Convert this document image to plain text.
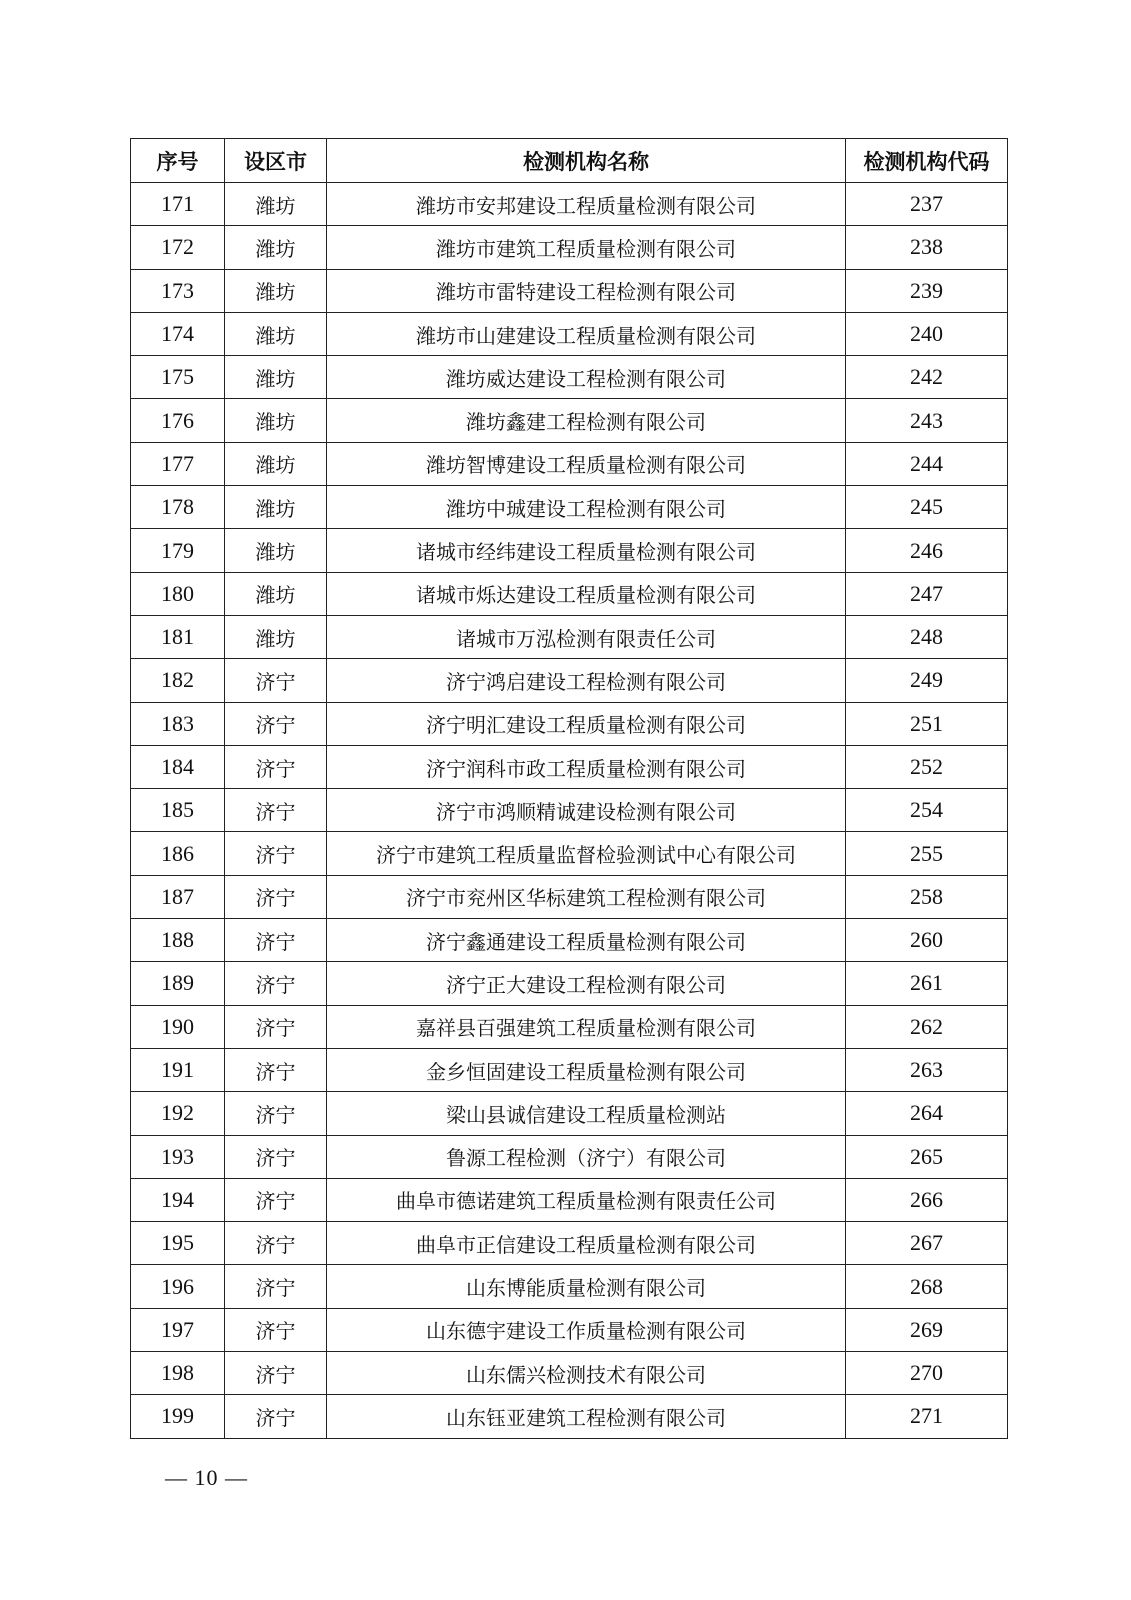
序号	设区市	检测机构名称	检测机构代码
171	潍坊	潍坊市安邦建设工程质量检测有限公司	237
172	潍坊	潍坊市建筑工程质量检测有限公司	238
173	潍坊	潍坊市雷特建设工程检测有限公司	239
174	潍坊	潍坊市山建建设工程质量检测有限公司	240
175	潍坊	潍坊威达建设工程检测有限公司	242
176	潍坊	潍坊鑫建工程检测有限公司	243
177	潍坊	潍坊智博建设工程质量检测有限公司	244
178	潍坊	潍坊中珹建设工程检测有限公司	245
179	潍坊	诸城市经纬建设工程质量检测有限公司	246
180	潍坊	诸城市烁达建设工程质量检测有限公司	247
181	潍坊	诸城市万泓检测有限责任公司	248
182	济宁	济宁鸿启建设工程检测有限公司	249
183	济宁	济宁明汇建设工程质量检测有限公司	251
184	济宁	济宁润科市政工程质量检测有限公司	252
185	济宁	济宁市鸿顺精诚建设检测有限公司	254
186	济宁	济宁市建筑工程质量监督检验测试中心有限公司	255
187	济宁	济宁市兖州区华标建筑工程检测有限公司	258
188	济宁	济宁鑫通建设工程质量检测有限公司	260
189	济宁	济宁正大建设工程检测有限公司	261
190	济宁	嘉祥县百强建筑工程质量检测有限公司	262
191	济宁	金乡恒固建设工程质量检测有限公司	263
192	济宁	梁山县诚信建设工程质量检测站	264
193	济宁	鲁源工程检测（济宁）有限公司	265
194	济宁	曲阜市德诺建筑工程质量检测有限责任公司	266
195	济宁	曲阜市正信建设工程质量检测有限公司	267
196	济宁	山东博能质量检测有限公司	268
197	济宁	山东德宇建设工作质量检测有限公司	269
198	济宁	山东儒兴检测技术有限公司	270
199	济宁	山东钰亚建筑工程检测有限公司	271
— 10 —
